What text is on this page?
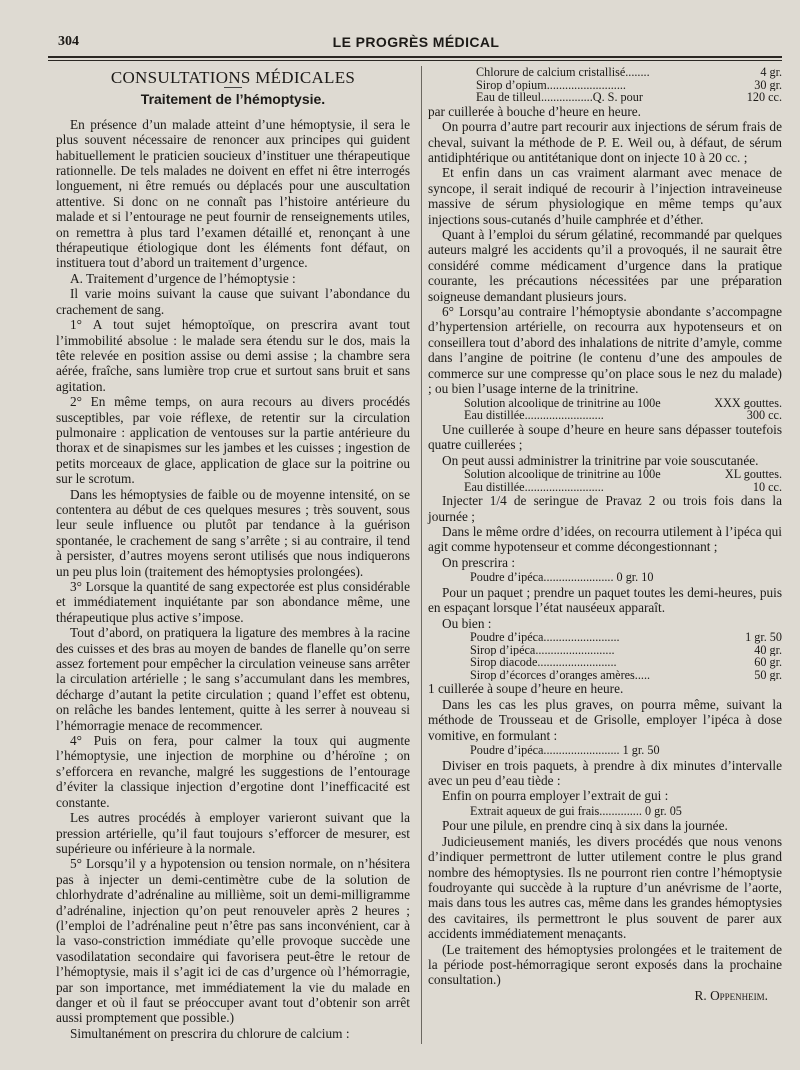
304	LE PROGRÈS MÉDICAL
CONSULTATIONS MÉDICALES
Traitement de l’hémoptysie.

En présence d’un malade atteint d’une hémoptysie, il sera le plus souvent nécessaire de renoncer aux principes qui guident habituellement le praticien soucieux d’instituer une thérapeutique rationnelle. De tels malades ne doivent en effet ni être interrogés longuement, ni être remués ou déplacés pour une auscultation attentive. Si donc on ne connaît pas l’histoire antérieure du malade et si l’entourage ne peut fournir de renseignements utiles, on remettra à plus tard l’examen détaillé et, renonçant à une thérapeutique étiologique dont les éléments font défaut, on instituera tout d’abord un traitement d’urgence.

A. Traitement d’urgence de l’hémoptysie :

Il varie moins suivant la cause que suivant l’abondance du crachement de sang.

1° A tout sujet hémoptoïque, on prescrira avant tout l’immobilité absolue : le malade sera étendu sur le dos, mais la tête relevée en position assise ou demi assise ; la chambre sera aérée, fraîche, sans lumière trop crue et surtout sans bruit et sans agitation.

2° En même temps, on aura recours au divers procédés susceptibles, par voie réflexe, de retentir sur la circulation pulmonaire : application de ventouses sur la partie antérieure du thorax et de sinapismes sur les jambes et les cuisses ; ingestion de petits morceaux de glace, application de glace sur la poitrine ou sur le scrotum.

Dans les hémoptysies de faible ou de moyenne intensité, on se contentera au début de ces quelques mesures ; très souvent, sous leur seule influence ou plutôt par tendance à la guérison spontanée, le crachement de sang s’arrête ; si au contraire, il tend à persister, d’autres moyens seront utilisés que nous indiquerons un peu plus loin (traitement des hémoptysies prolongées).

3° Lorsque la quantité de sang expectorée est plus considérable et immédiatement inquiétante par son abondance même, une thérapeutique plus active s’impose.

Tout d’abord, on pratiquera la ligature des membres à la racine des cuisses et des bras au moyen de bandes de flanelle qu’on serre assez fortement pour empêcher la circulation veineuse sans arrêter la circulation artérielle ; le sang s’accumulant dans les membres, décharge d’autant la petite circulation ; quand l’effet est obtenu, on relâche les bandes lentement, quitte à les serrer à nouveau si l’hémorragie menace de recommencer.

4° Puis on fera, pour calmer la toux qui augmente l’hémoptysie, une injection de morphine ou d’héroïne ; on s’efforcera en revanche, malgré les suggestions de l’entourage d’éviter la classique injection d’ergotine dont l’inefficacité est constante.

Les autres procédés à employer varieront suivant que la pression artérielle, qu’il faut toujours s’efforcer de mesurer, est supérieure ou inférieure à la normale.

5° Lorsqu’il y a hypotension ou tension normale, on n’hésitera pas à injecter un demi-centimètre cube de la solution de chlorhydrate d’adrénaline au millième, soit un demi-milligramme d’adrénaline, injection qu’on peut renouveler après 2 heures ; (l’emploi de l’adrénaline peut n’être pas sans inconvénient, car à la vaso-constriction immédiate qu’elle provoque succède une vasodilatation secondaire qui favorisera peut-être le retour de l’hémoptysie, mais il s’agit ici de cas d’urgence où l’hémorragie, par son importance, met immédiatement la vie du malade en danger et où il faut se préoccuper avant tout d’obtenir son arrêt aussi promptement que possible.)

Simultanément on prescrira du chlorure de calcium :

Chlorure de calcium cristallisé........	4 gr.
Sirop d’opium..........................	30 gr.
Eau de tilleul.................Q. S. pour	120 cc.

par cuillerée à bouche d’heure en heure.

On pourra d’autre part recourir aux injections de sérum frais de cheval, suivant la méthode de P. E. Weil ou, à défaut, de sérum antidiphtérique ou antitétanique dont on injecte 10 à 20 cc. ;

Et enfin dans un cas vraiment alarmant avec menace de syncope, il serait indiqué de recourir à l’injection intraveineuse massive de sérum physiologique en même temps qu’aux injections sous-cutanés d’huile camphrée et d’éther.

Quant à l’emploi du sérum gélatiné, recommandé par quelques auteurs malgré les accidents qu’il a provoqués, il ne saurait être considéré comme médicament d’urgence dans la pratique courante, les précautions nécessitées par une préparation soigneuse demandant plusieurs jours.

6° Lorsqu’au contraire l’hémoptysie abondante s’accompagne d’hypertension artérielle, on recourra aux hypotenseurs et on conseillera tout d’abord des inhalations de nitrite d’amyle, comme dans l’angine de poitrine (le contenu d’une des ampoules de commerce sur une compresse qu’on place sous le nez du malade) ; ou bien l’usage interne de la trinitrine.

Solution alcoolique de trinitrine au 100e	XXX gouttes.
Eau distillée..........................	300 cc.

Une cuillerée à soupe d’heure en heure sans dépasser toutefois quatre cuillerées ;

On peut aussi administrer la trinitrine par voie souscutanée.

Solution alcoolique de trinitrine au 100e	XL gouttes.
Eau distillée..........................	10 cc.

Injecter 1/4 de seringue de Pravaz 2 ou trois fois dans la journée ;

Dans le même ordre d’idées, on recourra utilement à l’ipéca qui agit comme hypotenseur et comme décongestionnant ;

On prescrira :

Poudre d’ipéca....................... 0 gr. 10

Pour un paquet ; prendre un paquet toutes les demi-heures, puis en espaçant lorsque l’état nauséeux apparaît.

Ou bien :

Poudre d’ipéca.........................	1 gr. 50
Sirop d’ipéca..........................	40 gr.
Sirop diacode..........................	60 gr.
Sirop d’écorces d’oranges amères.....	50 gr.

1 cuillerée à soupe d’heure en heure.

Dans les cas les plus graves, on pourra même, suivant la méthode de Trousseau et de Grisolle, employer l’ipéca à dose vomitive, en formulant :

Poudre d’ipéca......................... 1 gr. 50

Diviser en trois paquets, à prendre à dix minutes d’intervalle avec un peu d’eau tiède :

Enfin on pourra employer l’extrait de gui :

Extrait aqueux de gui frais.............. 0 gr. 05

Pour une pilule, en prendre cinq à six dans la journée.

Judicieusement maniés, les divers procédés que nous venons d’indiquer permettront de lutter utilement contre le plus grand nombre des hémoptysies. Ils ne pourront rien contre l’hémoptysie foudroyante qui succède à la rupture d’un anévrisme de l’aorte, mais dans tous les autres cas, même dans les grandes hémoptysies des cavitaires, ils permettront le plus souvent de parer aux accidents immédiatement menaçants.

(Le traitement des hémoptysies prolongées et le traitement de la période post-hémorragique seront exposés dans la prochaine consultation.)

R. Oppenheim.
